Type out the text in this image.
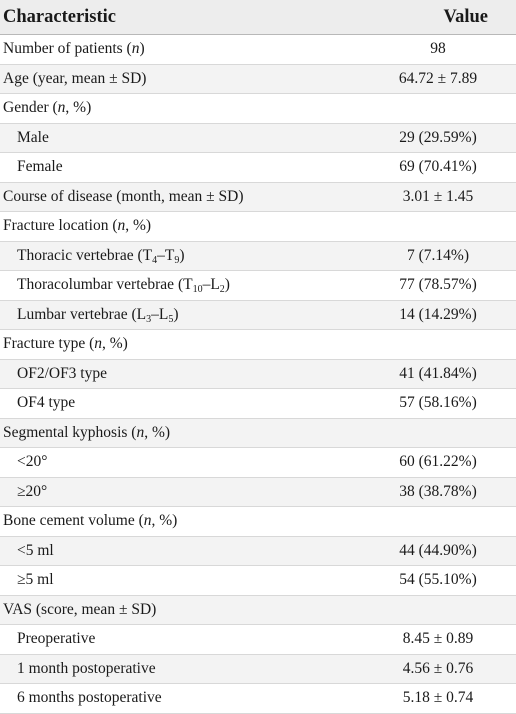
Characteristic	Value
Number of patients (n)	98
Age (year, mean ± SD)	64.72 ± 7.89
Gender (n, %)
Male	29 (29.59%)
Female	69 (70.41%)
Course of disease (month, mean ± SD)	3.01 ± 1.45
Fracture location (n, %)
Thoracic vertebrae $(T_4-T_9)$	7 (7.14%)
Thoracolumbar vertebrae $(T_{10}-L_2)$	77 (78.57%)
Lumbar vertebrae $(L_3-L_5)$	14 (14.29%)
Fracture type (n, %)
OF2/OF3 type	41 (41.84%)
OF4 type	57 (58.16%)
Segmental kyphosis (n, %)
<20°	60 (61.22%)
≥20°	38 (38.78%)
Bone cement volume (n, %)
<5 ml	44 (44.90%)
≥5 ml	54 (55.10%)
VAS (score, mean ± SD)
Preoperative	8.45 ± 0.89
1 month postoperative	4.56 ± 0.76
6 months postoperative	5.18 ± 0.74
